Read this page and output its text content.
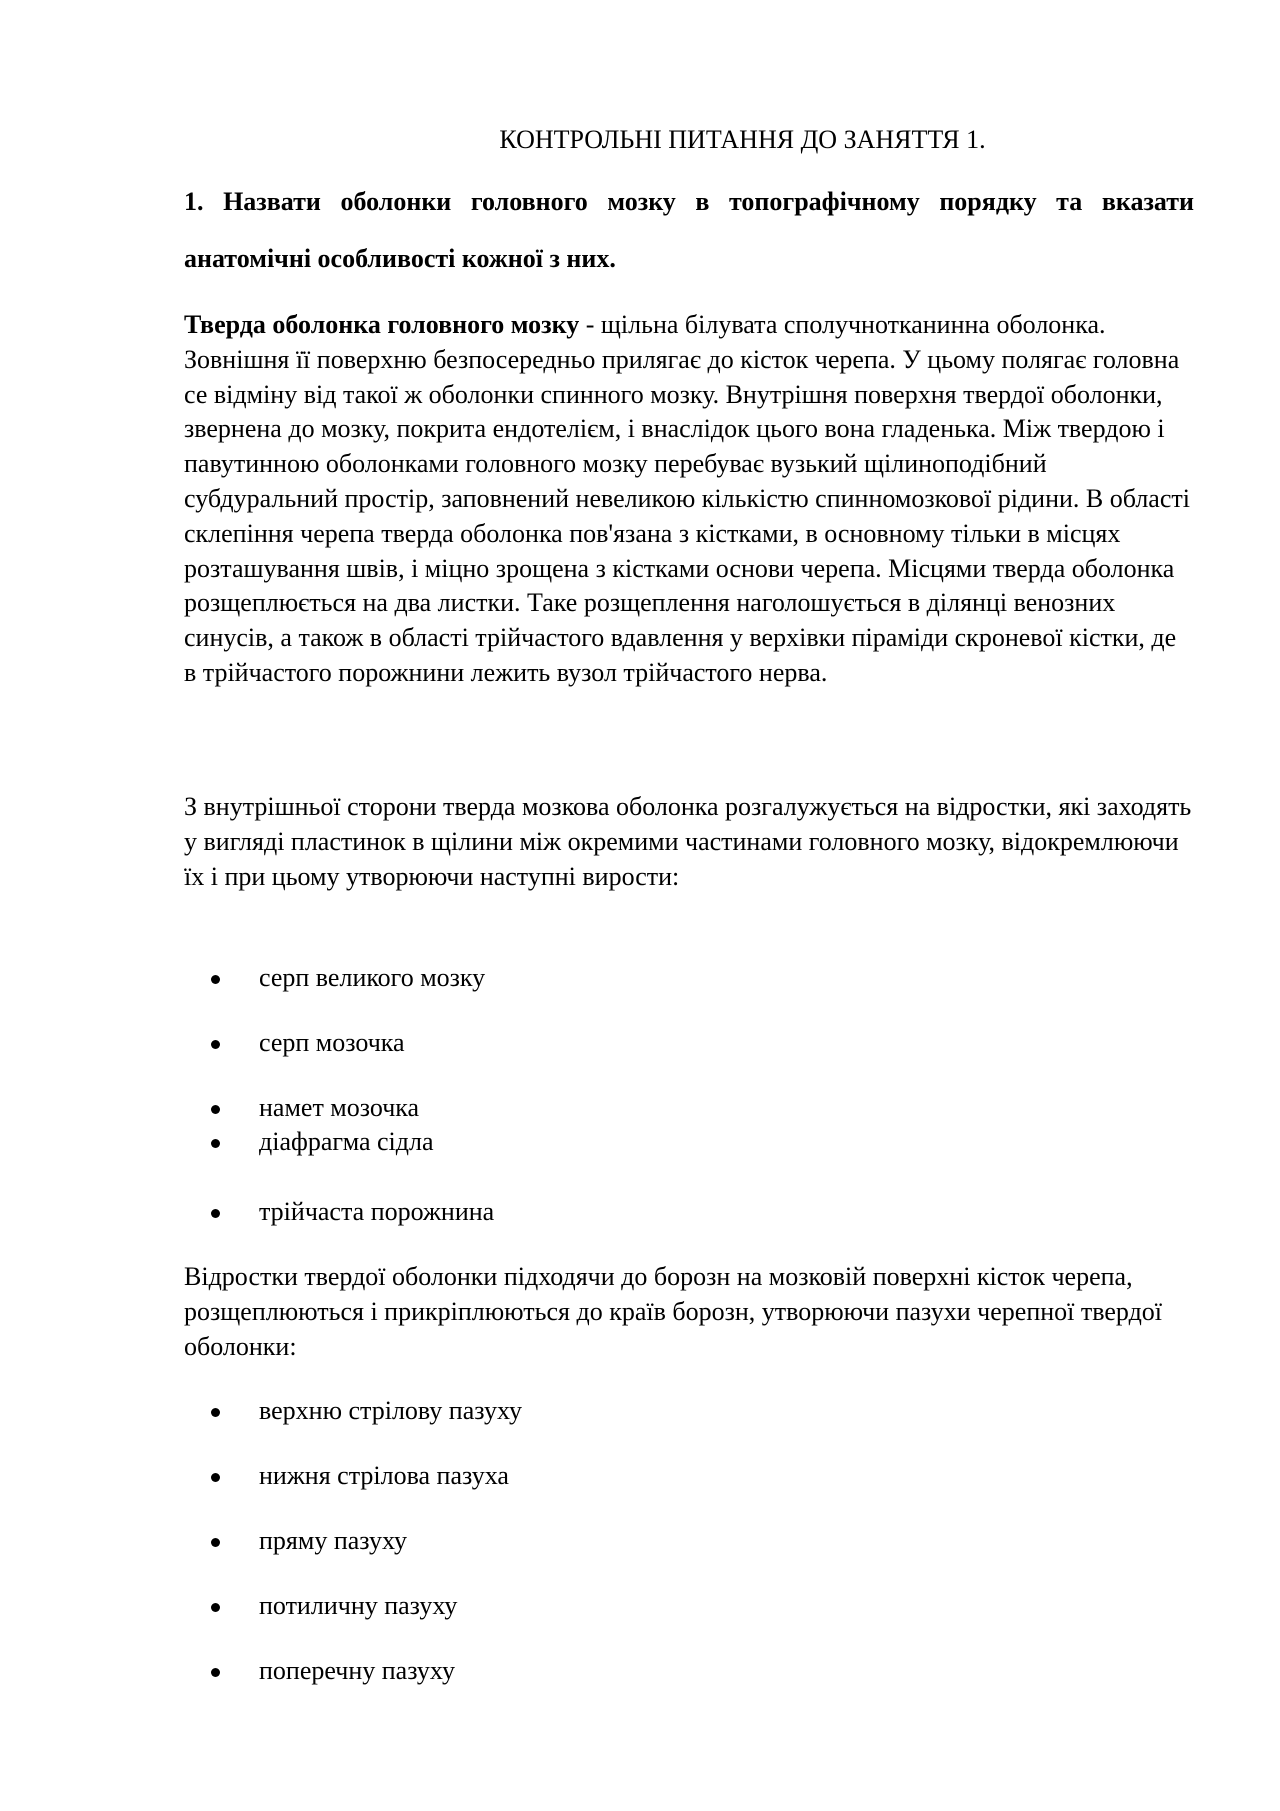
КОНТРОЛЬНІ ПИТАННЯ ДО ЗАНЯТТЯ 1.

1. Назвати оболонки головного мозку в топографічному порядку та вказати анатомічні особливості кожної з них.

Тверда оболонка головного мозку - щільна білувата сполучнотканинна оболонка. Зовнішня її поверхню безпосередньо прилягає до кісток черепа. У цьому полягає головна се відміну від такої ж оболонки спинного мозку. Внутрішня поверхня твердої оболонки, звернена до мозку, покрита ендотелієм, і внаслідок цього вона гладенька. Між твердою і павутинною оболонками головного мозку перебуває вузький щілиноподібний субдуральний простір, заповнений невеликою кількістю спинномозкової рідини. В області склепіння черепа тверда оболонка пов'язана з кістками, в основному тільки в місцях розташування швів, і міцно зрощена з кістками основи черепа. Місцями тверда оболонка розщеплюється на два листки. Таке розщеплення наголошується в ділянці венозних синусів, а також в області трійчастого вдавлення у верхівки піраміди скроневої кістки, де в трійчастого порожнини лежить вузол трійчастого нерва.

З внутрішньої сторони тверда мозкова оболонка розгалужується на відростки, які заходять у вигляді пластинок в щілини між окремими частинами головного мозку, відокремлюючи їх і при цьому утворюючи наступні вирости:

серп великого мозку
серп мозочка
намет мозочка
діафрагма сідла
трійчаста порожнина

Відростки твердої оболонки підходячи до борозн на мозковій поверхні кісток черепа, розщеплюються і прикріплюються до країв борозн, утворюючи пазухи черепної твердої оболонки:

верхню стрілову пазуху
нижня стрілова пазуха
пряму пазуху
потиличну пазуху
поперечну пазуху
